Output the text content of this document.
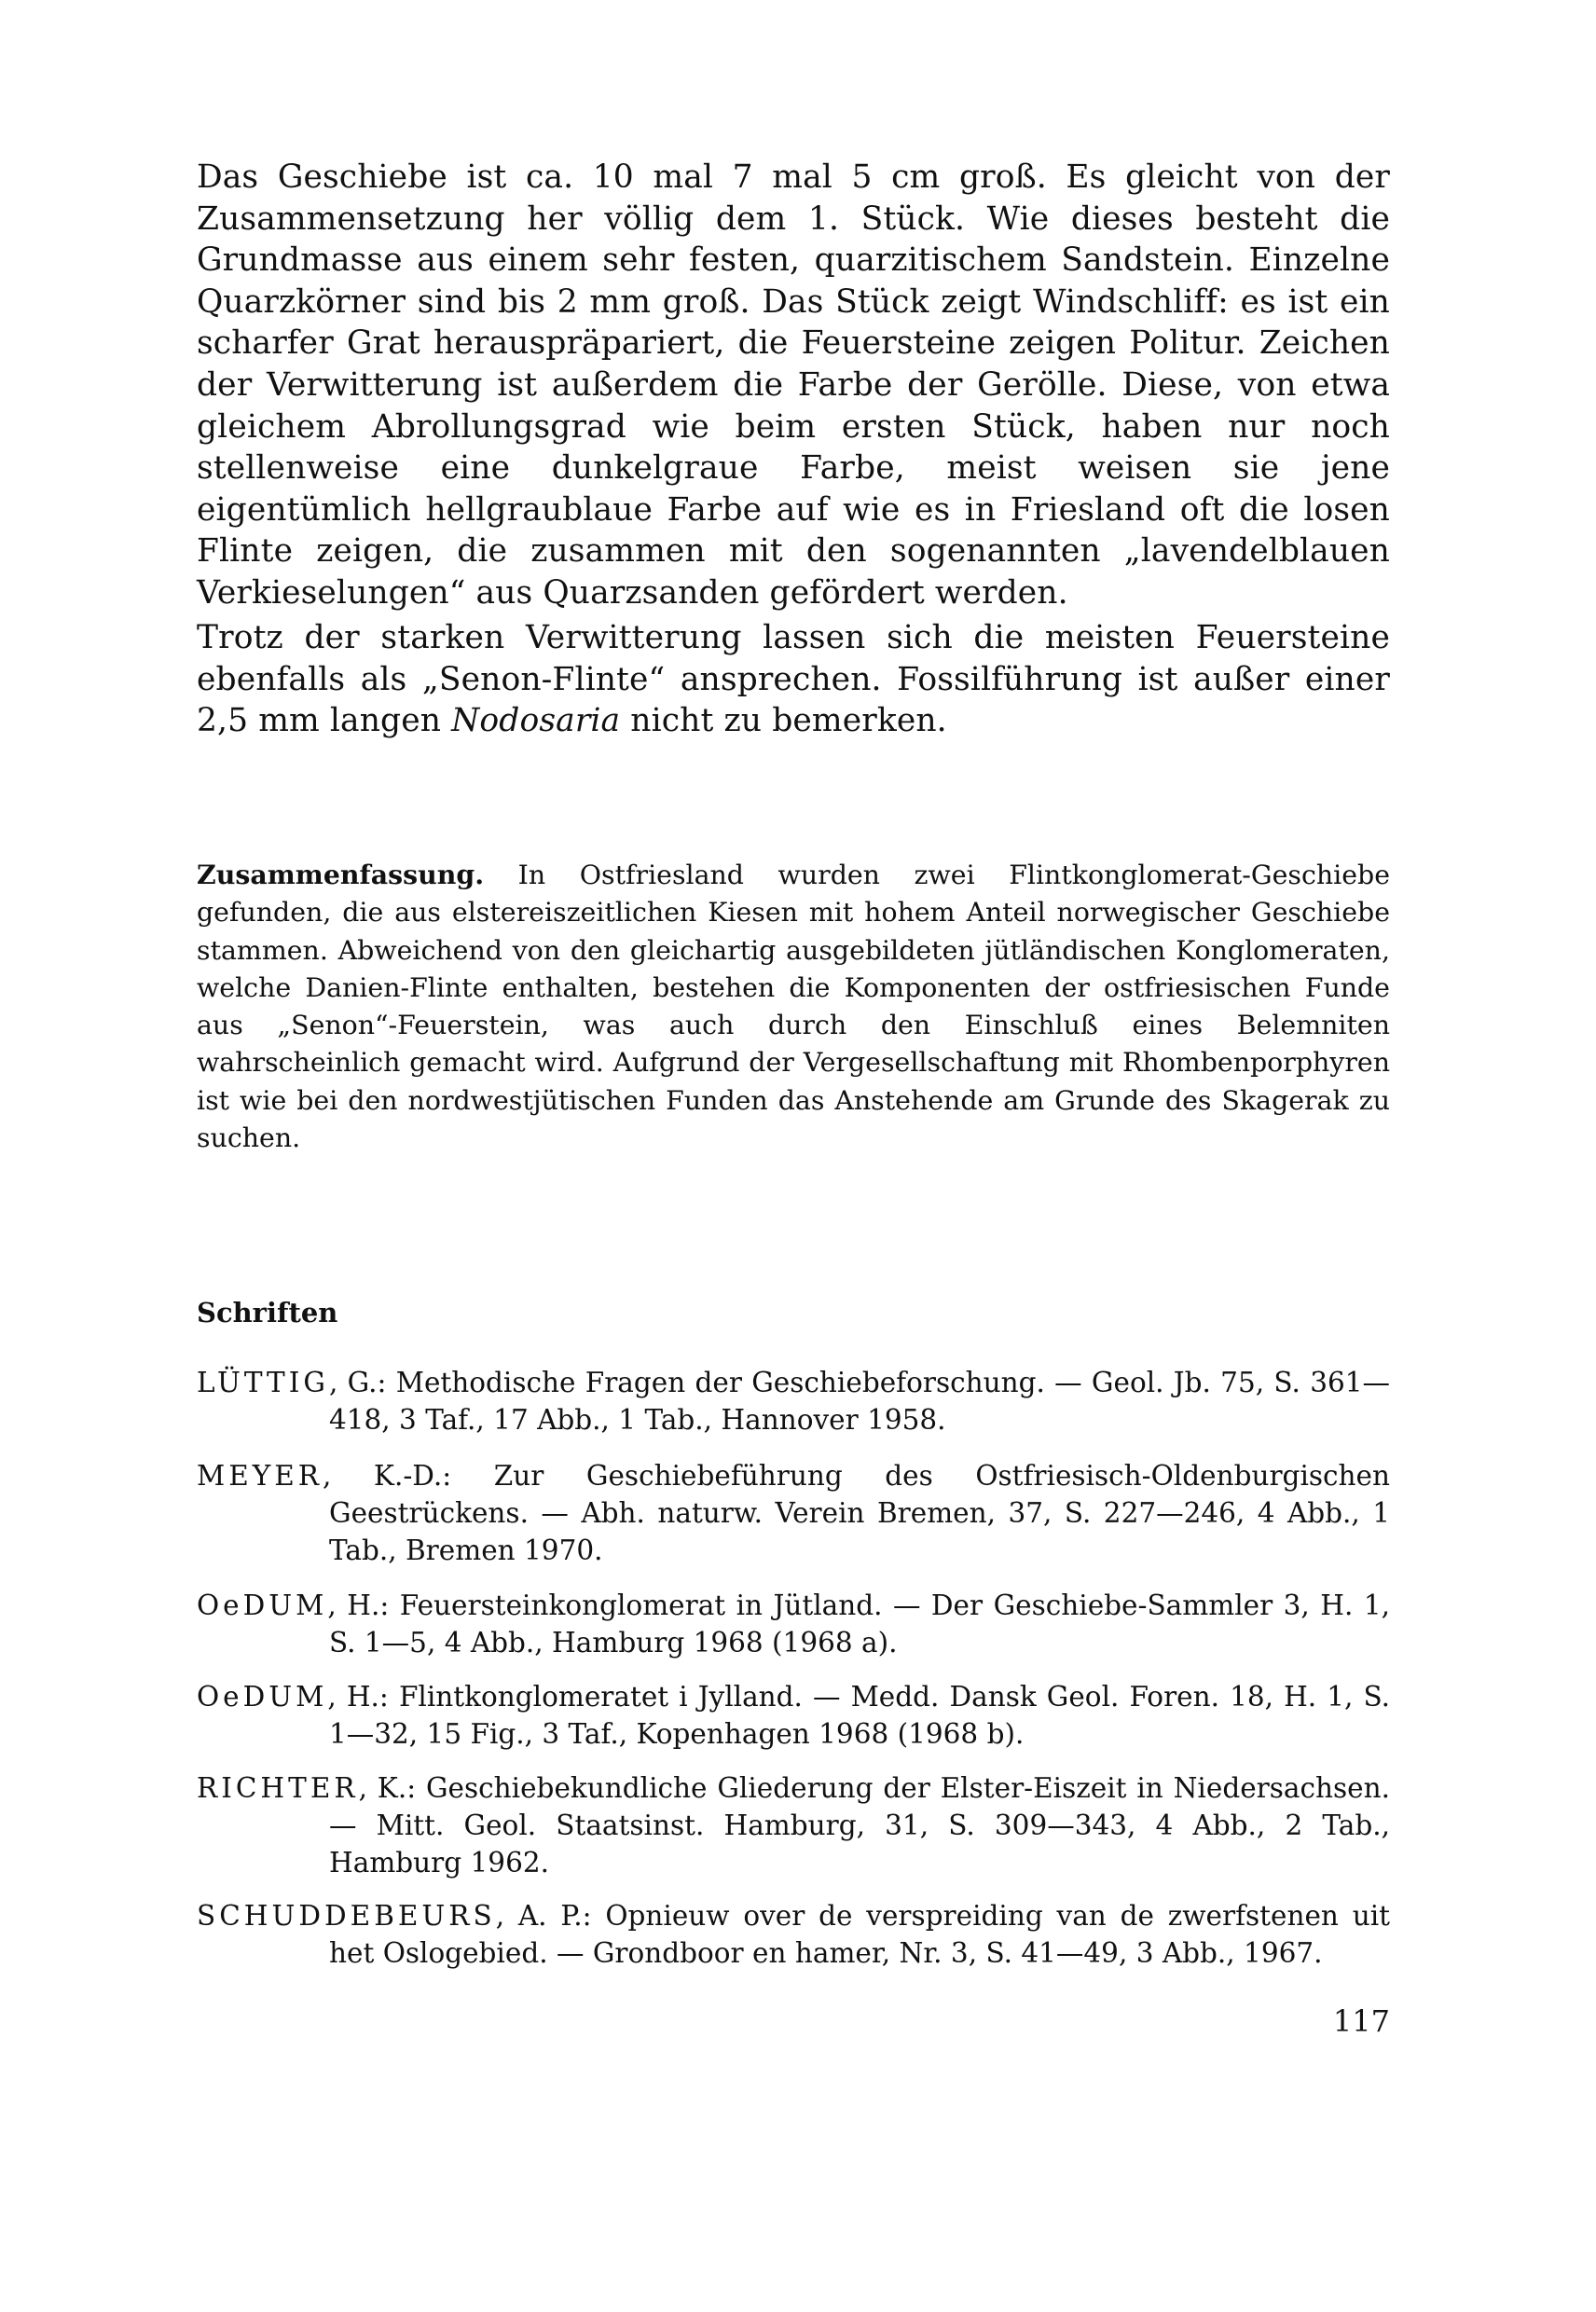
Das Geschiebe ist ca. 10 mal 7 mal 5 cm groß. Es gleicht von der Zusammensetzung her völlig dem 1. Stück. Wie dieses besteht die Grundmasse aus einem sehr festen, quarzitischem Sandstein. Einzelne Quarzkörner sind bis 2 mm groß. Das Stück zeigt Windschliff: es ist ein scharfer Grat herauspräpariert, die Feuersteine zeigen Politur. Zeichen der Verwitterung ist außerdem die Farbe der Gerölle. Diese, von etwa gleichem Abrollungsgrad wie beim ersten Stück, haben nur noch stellenweise eine dunkelgraue Farbe, meist weisen sie jene eigentümlich hellgraublaue Farbe auf wie es in Friesland oft die losen Flinte zeigen, die zusammen mit den sogenannten „lavendelblauen Verkieselungen“ aus Quarzsanden gefördert werden.

Trotz der starken Verwitterung lassen sich die meisten Feuersteine ebenfalls als „Senon-Flinte“ ansprechen. Fossilführung ist außer einer 2,5 mm langen Nodosaria nicht zu bemerken.

Zusammenfassung. In Ostfriesland wurden zwei Flintkonglomerat-Geschiebe gefunden, die aus elstereiszeitlichen Kiesen mit hohem Anteil norwegischer Geschiebe stammen. Abweichend von den gleichartig ausgebildeten jütländischen Konglomeraten, welche Danien-Flinte enthalten, bestehen die Komponenten der ostfriesischen Funde aus „Senon“-Feuerstein, was auch durch den Einschluß eines Belemniten wahrscheinlich gemacht wird. Aufgrund der Vergesellschaftung mit Rhombenporphyren ist wie bei den nordwestjütischen Funden das Anstehende am Grunde des Skagerak zu suchen.

Schriften

LÜTTIG, G.: Methodische Fragen der Geschiebeforschung. — Geol. Jb. 75, S. 361—418, 3 Taf., 17 Abb., 1 Tab., Hannover 1958.

MEYER, K.-D.: Zur Geschiebeführung des Ostfriesisch-Oldenburgischen Geestrückens. — Abh. naturw. Verein Bremen, 37, S. 227—246, 4 Abb., 1 Tab., Bremen 1970.

OeDUM, H.: Feuersteinkonglomerat in Jütland. — Der Geschiebe-Sammler 3, H. 1, S. 1—5, 4 Abb., Hamburg 1968 (1968 a).

OeDUM, H.: Flintkonglomeratet i Jylland. — Medd. Dansk Geol. Foren. 18, H. 1, S. 1—32, 15 Fig., 3 Taf., Kopenhagen 1968 (1968 b).

RICHTER, K.: Geschiebekundliche Gliederung der Elster-Eiszeit in Niedersachsen. — Mitt. Geol. Staatsinst. Hamburg, 31, S. 309—343, 4 Abb., 2 Tab., Hamburg 1962.

SCHUDDEBEURS, A. P.: Opnieuw over de verspreiding van de zwerfstenen uit het Oslogebied. — Grondboor en hamer, Nr. 3, S. 41—49, 3 Abb., 1967.

117
